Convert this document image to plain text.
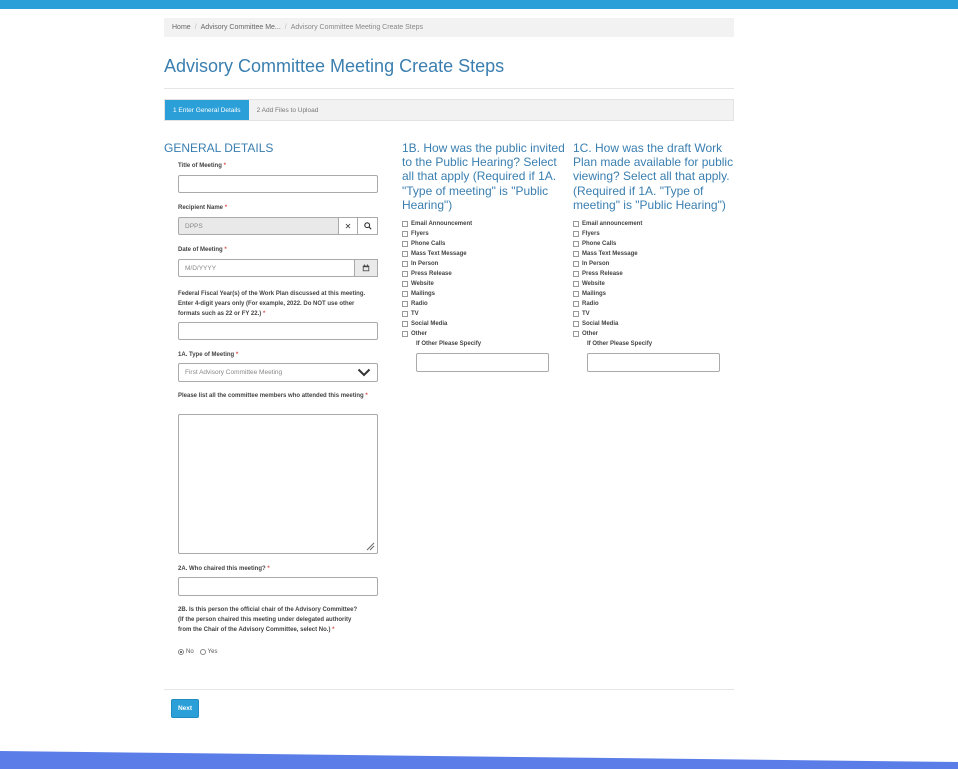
Home / Advisory Committee Me... / Advisory Committee Meeting Create Steps
Advisory Committee Meeting Create Steps
1 Enter General Details	2 Add Files to Upload
GENERAL DETAILS
Title of Meeting *
Recipient Name *
DPPS	✕
Date of Meeting *
M/D/YYYY
Federal Fiscal Year(s) of the Work Plan discussed at this meeting. Enter 4-digit years only (For example, 2022. Do NOT use other formats such as 22 or FY 22.) *
1A. Type of Meeting *
First Advisory Committee Meeting
Please list all the committee members who attended this meeting *
2A. Who chaired this meeting? *
2B. Is this person the official chair of the Advisory Committee? (If the person chaired this meeting under delegated authority from the Chair of the Advisory Committee, select No.) *
No Yes
1B. How was the public invited to the Public Hearing? Select all that apply (Required if 1A. "Type of meeting" is "Public Hearing")
Email Announcement
Flyers
Phone Calls
Mass Text Message
In Person
Press Release
Website
Mailings
Radio
TV
Social Media
Other
If Other Please Specify
1C. How was the draft Work Plan made available for public viewing? Select all that apply. (Required if 1A. "Type of meeting" is "Public Hearing")
Email announcement
Flyers
Phone Calls
Mass Text Message
In Person
Press Release
Website
Mailings
Radio
TV
Social Media
Other
If Other Please Specify
Next
